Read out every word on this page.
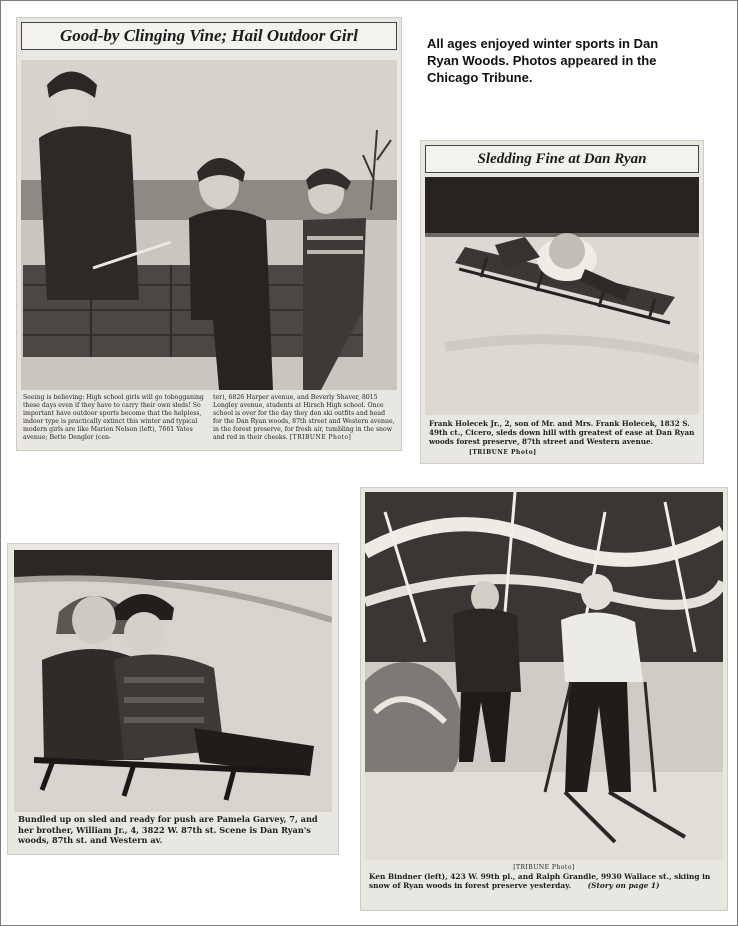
All ages enjoyed winter sports in Dan Ryan Woods. Photos appeared in the Chicago Tribune.
Good-by Clinging Vine; Hail Outdoor Girl
Seeing is believing: High school girls will go tobogganing these days even if they have to carry their own sleds! So important have outdoor sports become that the helpless, indoor type is practically extinct this winter and typical modern girls are like Marion Nelson (left), 7661 Yates avenue; Bette Dengler (cen-
ter), 6826 Harper avenue, and Beverly Shaver, 8015 Longley avenue, students at Hirsch High school. Once school is over for the day they don ski outfits and head for the Dan Ryan woods, 87th street and Western avenue, in the forest preserve, for fresh air, tumbling in the snow and red in their cheeks. [TRIBUNE Photo]
Sledding Fine at Dan Ryan
Frank Holecek Jr., 2, son of Mr. and Mrs. Frank Holecek, 1832 S. 49th ct., Cicero, sleds down hill with greatest of ease at Dan Ryan woods forest preserve, 87th street and Western avenue. [TRIBUNE Photo]
Bundled up on sled and ready for push are Pamela Garvey, 7, and her brother, William Jr., 4, 3822 W. 87th st. Scene is Dan Ryan's woods, 87th st. and Western av.
[TRIBUNE Photo]
Ken Bindner (left), 423 W. 99th pl., and Ralph Grandle, 9930 Wallace st., skiing in snow of Ryan woods in forest preserve yesterday. (Story on page 1)
